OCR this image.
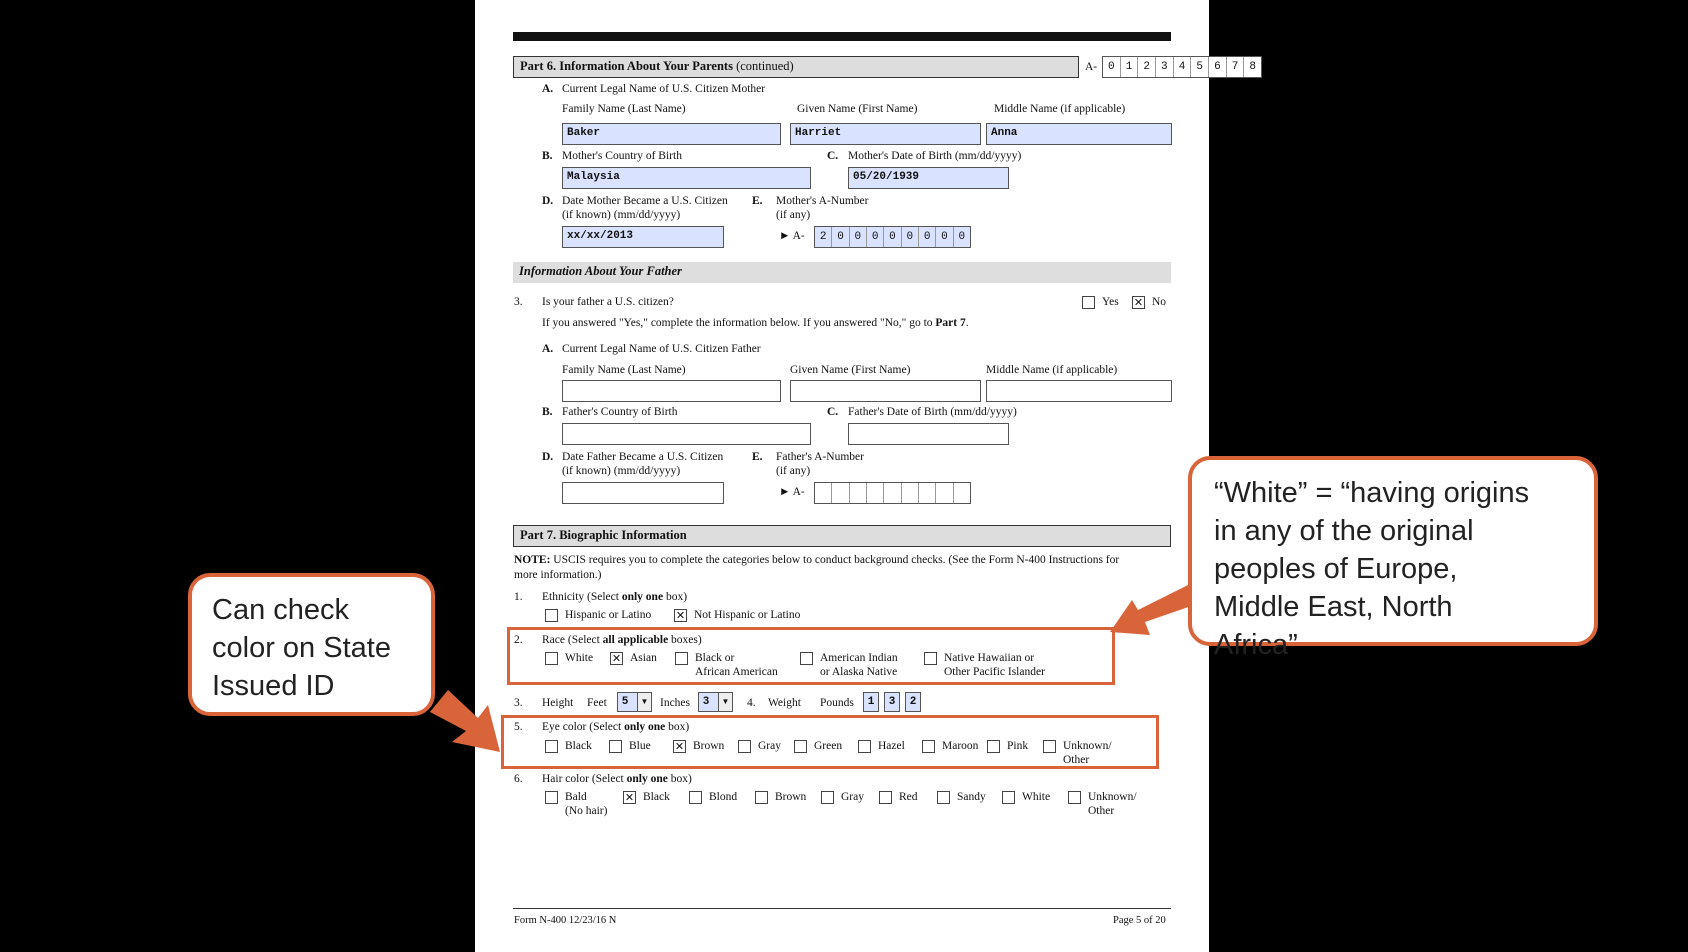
Part 6. Information About Your Parents (continued)	A- 0	1	2	3	4	5	6	7	8
A. Current Legal Name of U.S. Citizen Mother
Family Name (Last Name)	Given Name (First Name)	Middle Name (if applicable)
Baker	Harriet	Anna
B. Mother's Country of Birth
Malaysia
C. Mother's Date of Birth (mm/dd/yyyy)
05/20/1939
D. Date Mother Became a U.S. Citizen
(if known) (mm/dd/yyyy)
xx/xx/2013
E. Mother's A-Number
(if any)
► A-	2 0 0 0 0 0 0 0 0
Information About Your Father
3. Is your father a U.S. citizen?	Yes ✕ No
If you answered "Yes," complete the information below. If you answered "No," go to Part 7.
A. Current Legal Name of U.S. Citizen Father
Family Name (Last Name)	Given Name (First Name)	Middle Name (if applicable)
B. Father's Country of Birth	C. Father's Date of Birth (mm/dd/yyyy)
D. Date Father Became a U.S. Citizen
(if known) (mm/dd/yyyy)
E. Father's A-Number
(if any)
► A-
Part 7. Biographic Information
NOTE: USCIS requires you to complete the categories below to conduct background checks. (See the Form N-400 Instructions for
more information.)
1. Ethnicity (Select only one box)
Hispanic or Latino ✕ Not Hispanic or Latino
2. Race (Select all applicable boxes)
White ✕ Asian	Black or
African American
American Indian
or Alaska Native
Native Hawaiian or
Other Pacific Islander
3. Height Feet	5	▼ Inches	3	▼ 4. Weight Pounds	1	3	2
5. Eye color (Select only one box)
Black	Blue ✕ Brown	Gray	Green	Hazel	Maroon Pink	Unknown/
Other
6. Hair color (Select only one box)
Bald
(No hair)
✕ Black	Blond	Brown	Gray	Red	Sandy	White	Unknown/
Other
Form N-400 12/23/16 N	Page 5 of 20
Can check
color on State
Issued ID
“White” = “having origins
in any of the original
peoples of Europe,
Middle East, North
Africa”
